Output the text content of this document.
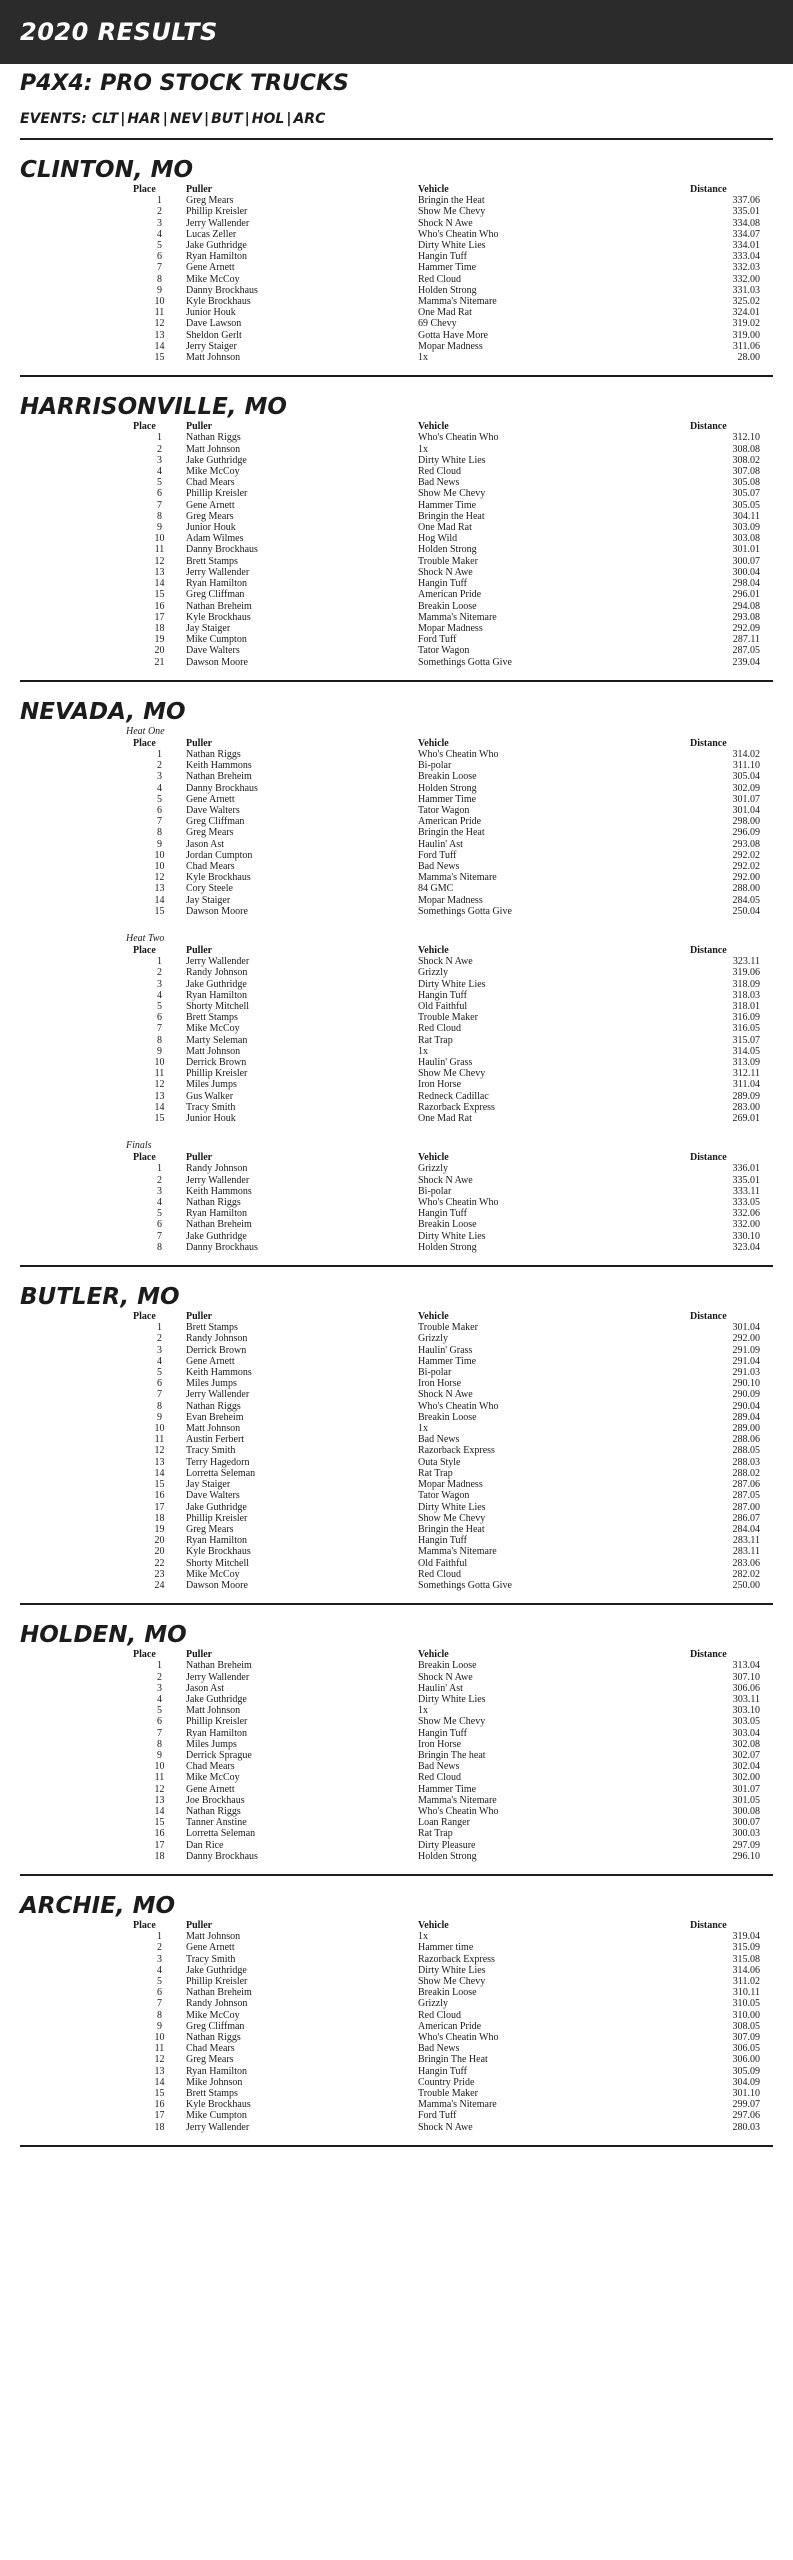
2020 RESULTS
P4X4: PRO STOCK TRUCKS
EVENTS: CLT | HAR | NEV | BUT | HOL | ARC
CLINTON, MO
Place	Puller	Vehicle	Distance
1	Greg Mears	Bringin the Heat	337.06
2	Phillip Kreisler	Show Me Chevy	335.01
3	Jerry Wallender	Shock N Awe	334.08
4	Lucas Zeller	Who's Cheatin Who	334.07
5	Jake Guthridge	Dirty White Lies	334.01
6	Ryan Hamilton	Hangin Tuff	333.04
7	Gene Arnett	Hammer Time	332.03
8	Mike McCoy	Red Cloud	332.00
9	Danny Brockhaus	Holden Strong	331.03
10	Kyle Brockhaus	Mamma's Nitemare	325.02
11	Junior Houk	One Mad Rat	324.01
12	Dave Lawson	69 Chevy	319.02
13	Sheldon Gerlt	Gotta Have More	319.00
14	Jerry Staiger	Mopar Madness	311.06
15	Matt Johnson	1x	28.00
HARRISONVILLE, MO
Place	Puller	Vehicle	Distance
1	Nathan Riggs	Who's Cheatin Who	312.10
2	Matt Johnson	1x	308.08
3	Jake Guthridge	Dirty White Lies	308.02
4	Mike McCoy	Red Cloud	307.08
5	Chad Mears	Bad News	305.08
6	Phillip Kreisler	Show Me Chevy	305.07
7	Gene Arnett	Hammer Time	305.05
8	Greg Mears	Bringin the Heat	304.11
9	Junior Houk	One Mad Rat	303.09
10	Adam Wilmes	Hog Wild	303.08
11	Danny Brockhaus	Holden Strong	301.01
12	Brett Stamps	Trouble Maker	300.07
13	Jerry Wallender	Shock N Awe	300.04
14	Ryan Hamilton	Hangin Tuff	298.04
15	Greg Cliffman	American Pride	296.01
16	Nathan Breheim	Breakin Loose	294.08
17	Kyle Brockhaus	Mamma's Nitemare	293.08
18	Jay Staiger	Mopar Madness	292.09
19	Mike Cumpton	Ford Tuff	287.11
20	Dave Walters	Tator Wagon	287.05
21	Dawson Moore	Somethings Gotta Give	239.04
NEVADA, MO
Heat One
Place	Puller	Vehicle	Distance
1	Nathan Riggs	Who's Cheatin Who	314.02
2	Keith Hammons	Bi-polar	311.10
3	Nathan Breheim	Breakin Loose	305.04
4	Danny Brockhaus	Holden Strong	302.09
5	Gene Arnett	Hammer Time	301.07
6	Dave Walters	Tator Wagon	301.04
7	Greg Cliffman	American Pride	298.00
8	Greg Mears	Bringin the Heat	296.09
9	Jason Ast	Haulin' Ast	293.08
10	Jordan Cumpton	Ford Tuff	292.02
10	Chad Mears	Bad News	292.02
12	Kyle Brockhaus	Mamma's Nitemare	292.00
13	Cory Steele	84 GMC	288.00
14	Jay Staiger	Mopar Madness	284.05
15	Dawson Moore	Somethings Gotta Give	250.04
Heat Two
Place	Puller	Vehicle	Distance
1	Jerry Wallender	Shock N Awe	323.11
2	Randy Johnson	Grizzly	319.06
3	Jake Guthridge	Dirty White Lies	318.09
4	Ryan Hamilton	Hangin Tuff	318.03
5	Shorty Mitchell	Old Faithful	318.01
6	Brett Stamps	Trouble Maker	316.09
7	Mike McCoy	Red Cloud	316.05
8	Marty Seleman	Rat Trap	315.07
9	Matt Johnson	1x	314.05
10	Derrick Brown	Haulin' Grass	313.09
11	Phillip Kreisler	Show Me Chevy	312.11
12	Miles Jumps	Iron Horse	311.04
13	Gus Walker	Redneck Cadillac	289.09
14	Tracy Smith	Razorback Express	283.00
15	Junior Houk	One Mad Rat	269.01
Finals
Place	Puller	Vehicle	Distance
1	Randy Johnson	Grizzly	336.01
2	Jerry Wallender	Shock N Awe	335.01
3	Keith Hammons	Bi-polar	333.11
4	Nathan Riggs	Who's Cheatin Who	333.05
5	Ryan Hamilton	Hangin Tuff	332.06
6	Nathan Breheim	Breakin Loose	332.00
7	Jake Guthridge	Dirty White Lies	330.10
8	Danny Brockhaus	Holden Strong	323.04
BUTLER, MO
Place	Puller	Vehicle	Distance
1	Brett Stamps	Trouble Maker	301.04
2	Randy Johnson	Grizzly	292.00
3	Derrick Brown	Haulin' Grass	291.09
4	Gene Arnett	Hammer Time	291.04
5	Keith Hammons	Bi-polar	291.03
6	Miles Jumps	Iron Horse	290.10
7	Jerry Wallender	Shock N Awe	290.09
8	Nathan Riggs	Who's Cheatin Who	290.04
9	Evan Breheim	Breakin Loose	289.04
10	Matt Johnson	1x	289.00
11	Austin Ferbert	Bad News	288.06
12	Tracy Smith	Razorback Express	288.05
13	Terry Hagedorn	Outa Style	288.03
14	Lorretta Seleman	Rat Trap	288.02
15	Jay Staiger	Mopar Madness	287.06
16	Dave Walters	Tator Wagon	287.05
17	Jake Guthridge	Dirty White Lies	287.00
18	Phillip Kreisler	Show Me Chevy	286.07
19	Greg Mears	Bringin the Heat	284.04
20	Ryan Hamilton	Hangin Tuff	283.11
20	Kyle Brockhaus	Mamma's Nitemare	283.11
22	Shorty Mitchell	Old Faithful	283.06
23	Mike McCoy	Red Cloud	282.02
24	Dawson Moore	Somethings Gotta Give	250.00
HOLDEN, MO
Place	Puller	Vehicle	Distance
1	Nathan Breheim	Breakin Loose	313.04
2	Jerry Wallender	Shock N Awe	307.10
3	Jason Ast	Haulin' Ast	306.06
4	Jake Guthridge	Dirty White Lies	303.11
5	Matt Johnson	1x	303.10
6	Phillip Kreisler	Show Me Chevy	303.05
7	Ryan Hamilton	Hangin Tuff	303.04
8	Miles Jumps	Iron Horse	302.08
9	Derrick Sprague	Bringin The heat	302.07
10	Chad Mears	Bad News	302.04
11	Mike McCoy	Red Cloud	302.00
12	Gene Arnett	Hammer Time	301.07
13	Joe Brockhaus	Mamma's Nitemare	301.05
14	Nathan Riggs	Who's Cheatin Who	300.08
15	Tanner Anstine	Loan Ranger	300.07
16	Lorretta Seleman	Rat Trap	300.03
17	Dan Rice	Dirty Pleasure	297.09
18	Danny Brockhaus	Holden Strong	296.10
ARCHIE, MO
Place	Puller	Vehicle	Distance
1	Matt Johnson	1x	319.04
2	Gene Arnett	Hammer time	315.09
3	Tracy Smith	Razorback Express	315.08
4	Jake Guthridge	Dirty White Lies	314.06
5	Phillip Kreisler	Show Me Chevy	311.02
6	Nathan Breheim	Breakin Loose	310.11
7	Randy Johnson	Grizzly	310.05
8	Mike McCoy	Red Cloud	310.00
9	Greg Cliffman	American Pride	308.05
10	Nathan Riggs	Who's Cheatin Who	307.09
11	Chad Mears	Bad News	306.05
12	Greg Mears	Bringin The Heat	306.00
13	Ryan Hamilton	Hangin Tuff	305.09
14	Mike Johnson	Country Pride	304.09
15	Brett Stamps	Trouble Maker	301.10
16	Kyle Brockhaus	Mamma's Nitemare	299.07
17	Mike Cumpton	Ford Tuff	297.06
18	Jerry Wallender	Shock N Awe	280.03
